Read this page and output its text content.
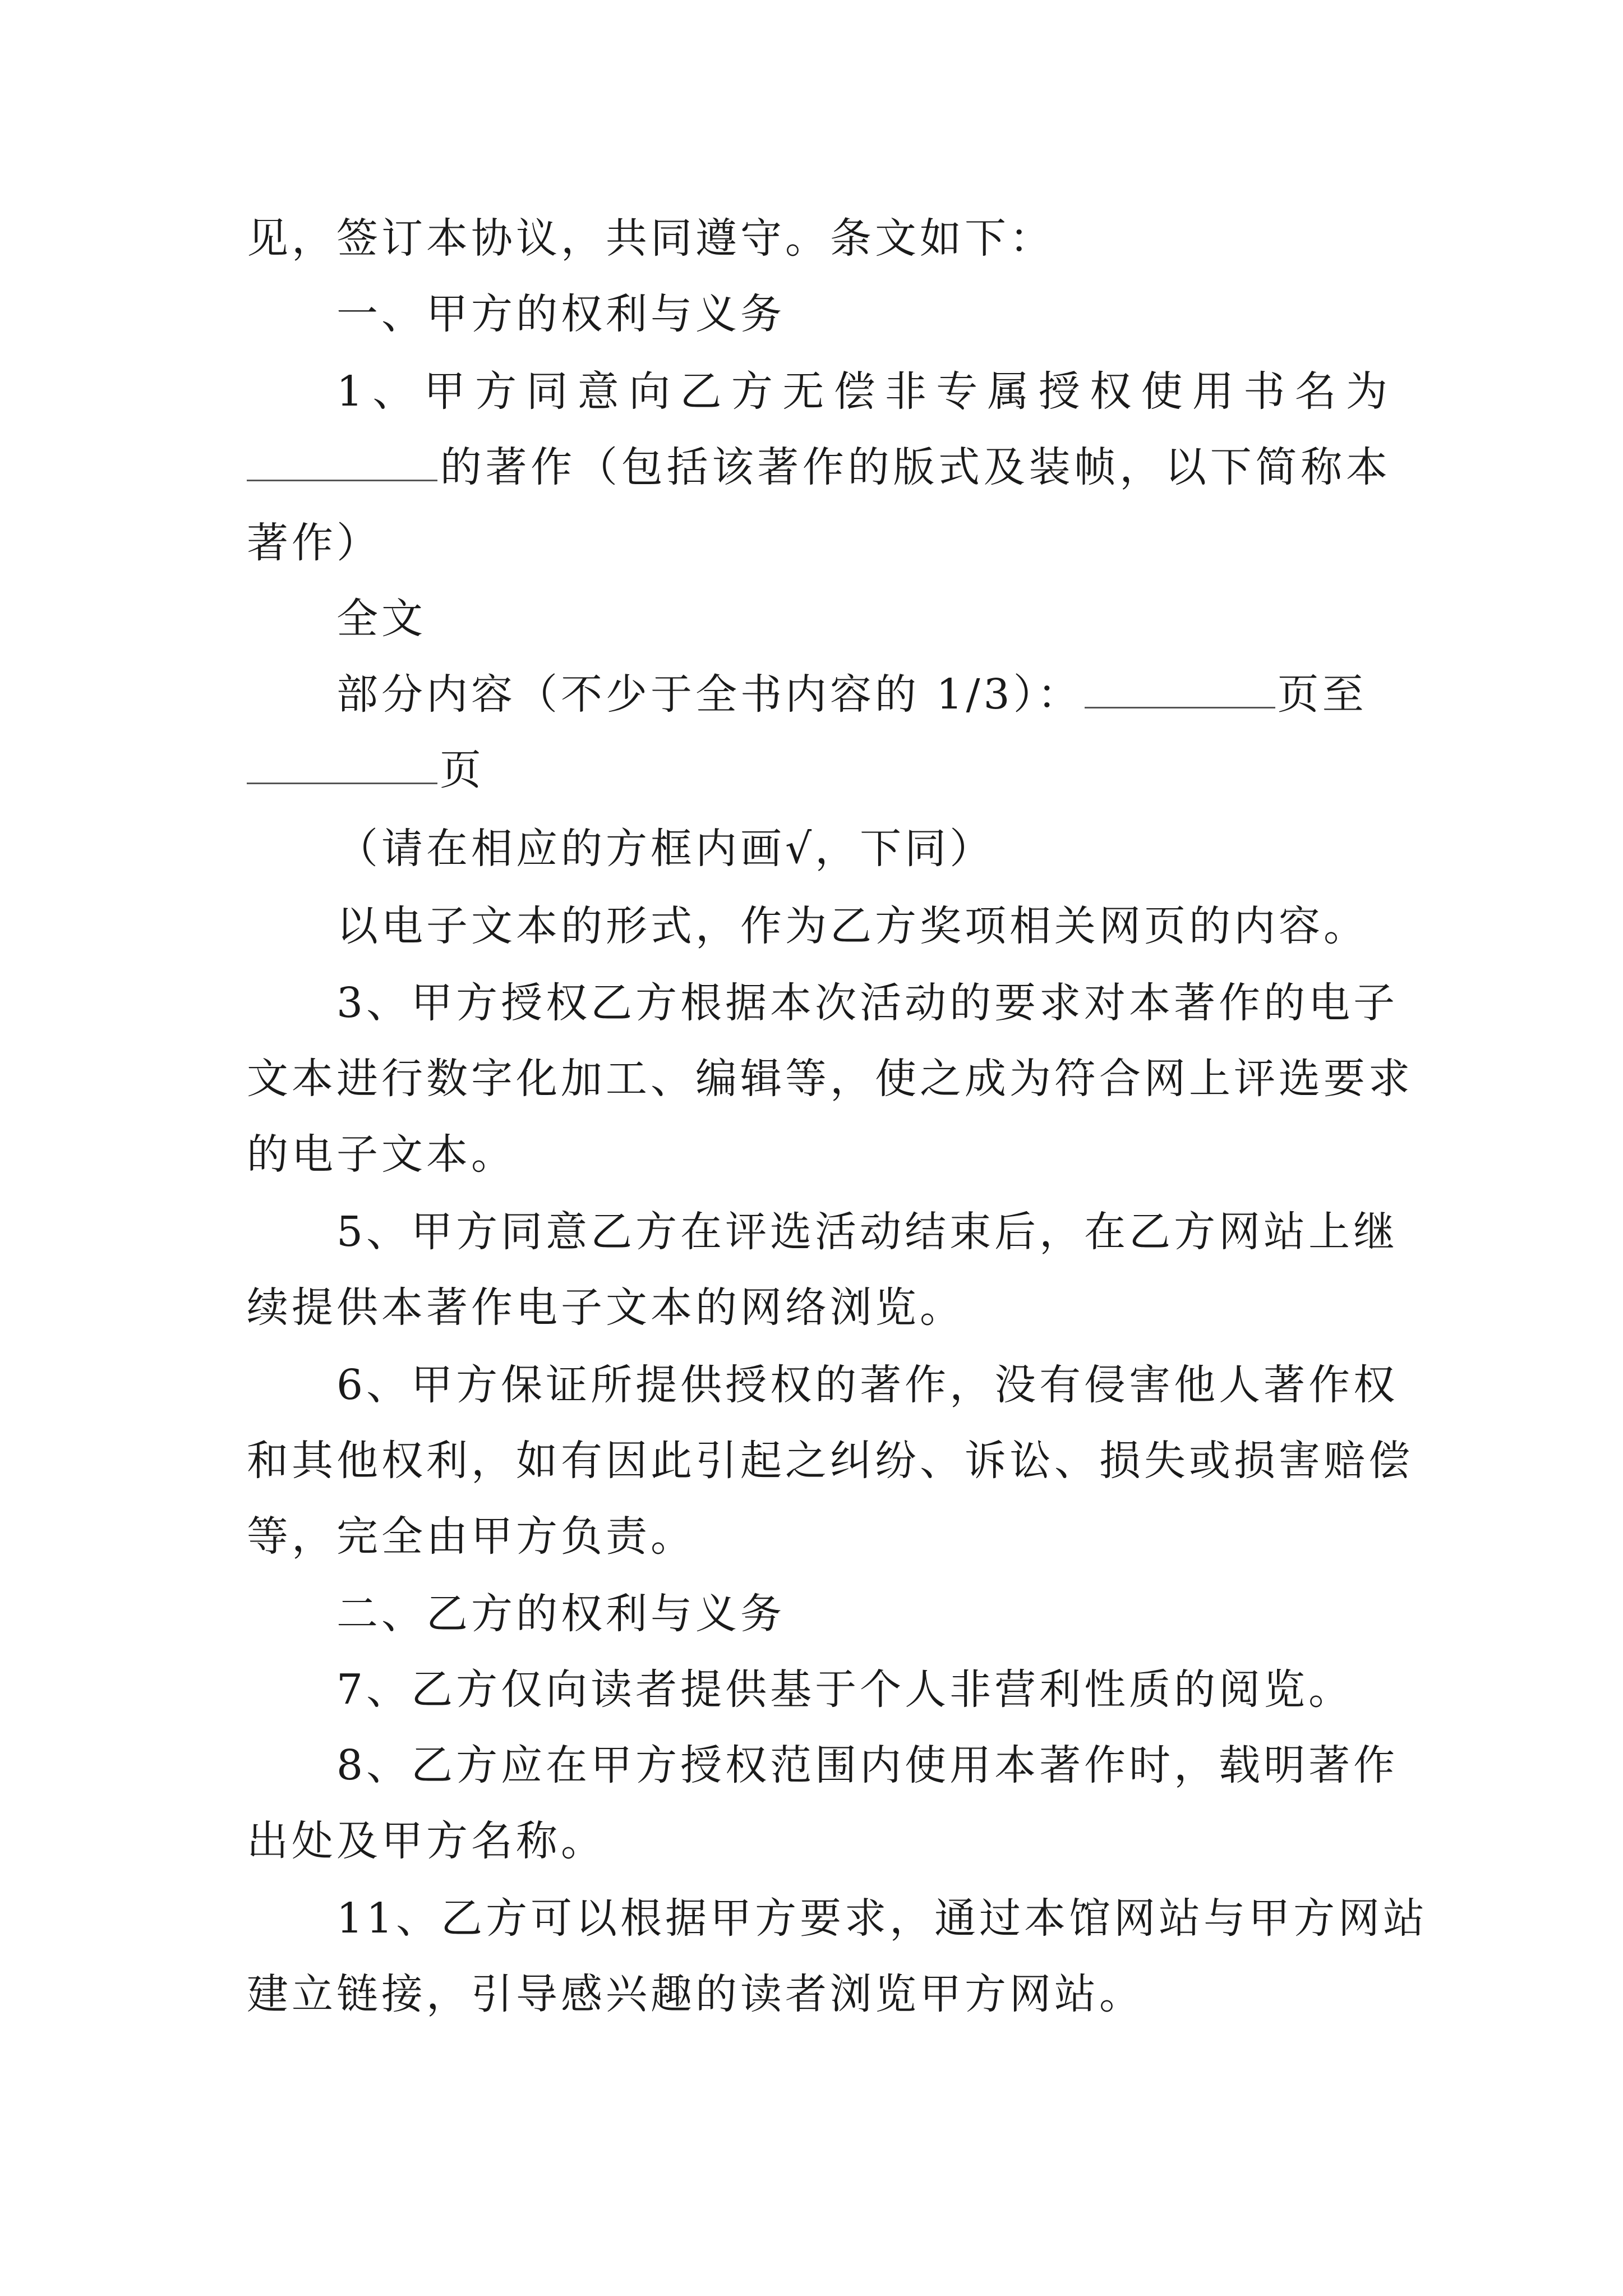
见，签订本协议，共同遵守。条文如下：
一、甲方的权利与义务
1、甲方同意向乙方无偿非专属授权使用书名为
的著作（包括该著作的版式及装帧，以下简称本
著作）
全文
部分内容（不少于全书内容的 1/3）：	页至
页
（请在相应的方框内画√，下同）
以电子文本的形式，作为乙方奖项相关网页的内容。
3、甲方授权乙方根据本次活动的要求对本著作的电子
文本进行数字化加工、编辑等，使之成为符合网上评选要求
的电子文本。
5、甲方同意乙方在评选活动结束后，在乙方网站上继
续提供本著作电子文本的网络浏览。
6、甲方保证所提供授权的著作，没有侵害他人著作权
和其他权利，如有因此引起之纠纷、诉讼、损失或损害赔偿
等，完全由甲方负责。
二、乙方的权利与义务
7、乙方仅向读者提供基于个人非营利性质的阅览。
8、乙方应在甲方授权范围内使用本著作时，载明著作
出处及甲方名称。
11、乙方可以根据甲方要求，通过本馆网站与甲方网站
建立链接，引导感兴趣的读者浏览甲方网站。
